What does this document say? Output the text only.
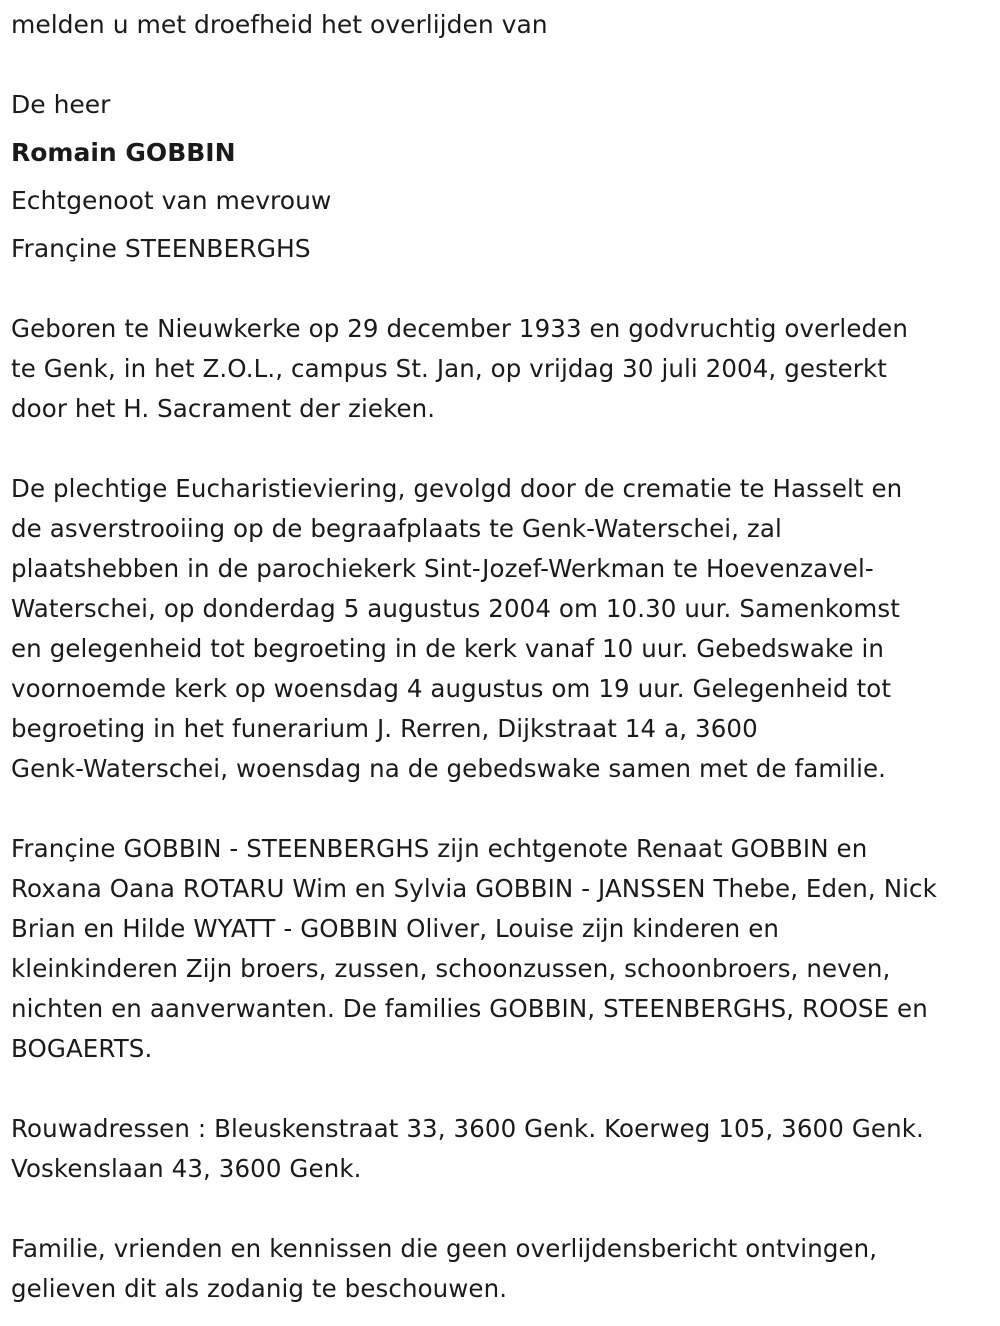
melden u met droefheid het overlijden van
De heer
Romain GOBBIN
Echtgenoot van mevrouw
Françine STEENBERGHS
Geboren te Nieuwkerke op 29 december 1933 en godvruchtig overleden
te Genk, in het Z.O.L., campus St. Jan, op vrijdag 30 juli 2004, gesterkt
door het H. Sacrament der zieken.
De plechtige Eucharistieviering, gevolgd door de crematie te Hasselt en
de asverstrooiing op de begraafplaats te Genk-Waterschei, zal
plaatshebben in de parochiekerk Sint-Jozef-Werkman te Hoevenzavel-
Waterschei, op donderdag 5 augustus 2004 om 10.30 uur. Samenkomst
en gelegenheid tot begroeting in de kerk vanaf 10 uur. Gebedswake in
voornoemde kerk op woensdag 4 augustus om 19 uur. Gelegenheid tot
begroeting in het funerarium J. Rerren, Dijkstraat 14 a, 3600
Genk-Waterschei, woensdag na de gebedswake samen met de familie.
Françine GOBBIN - STEENBERGHS zijn echtgenote Renaat GOBBIN en
Roxana Oana ROTARU Wim en Sylvia GOBBIN - JANSSEN Thebe, Eden, Nick
Brian en Hilde WYATT - GOBBIN Oliver, Louise zijn kinderen en
kleinkinderen Zijn broers, zussen, schoonzussen, schoonbroers, neven,
nichten en aanverwanten. De families GOBBIN, STEENBERGHS, ROOSE en
BOGAERTS.
Rouwadressen : Bleuskenstraat 33, 3600 Genk. Koerweg 105, 3600 Genk.
Voskenslaan 43, 3600 Genk.
Familie, vrienden en kennissen die geen overlijdensbericht ontvingen,
gelieven dit als zodanig te beschouwen.
